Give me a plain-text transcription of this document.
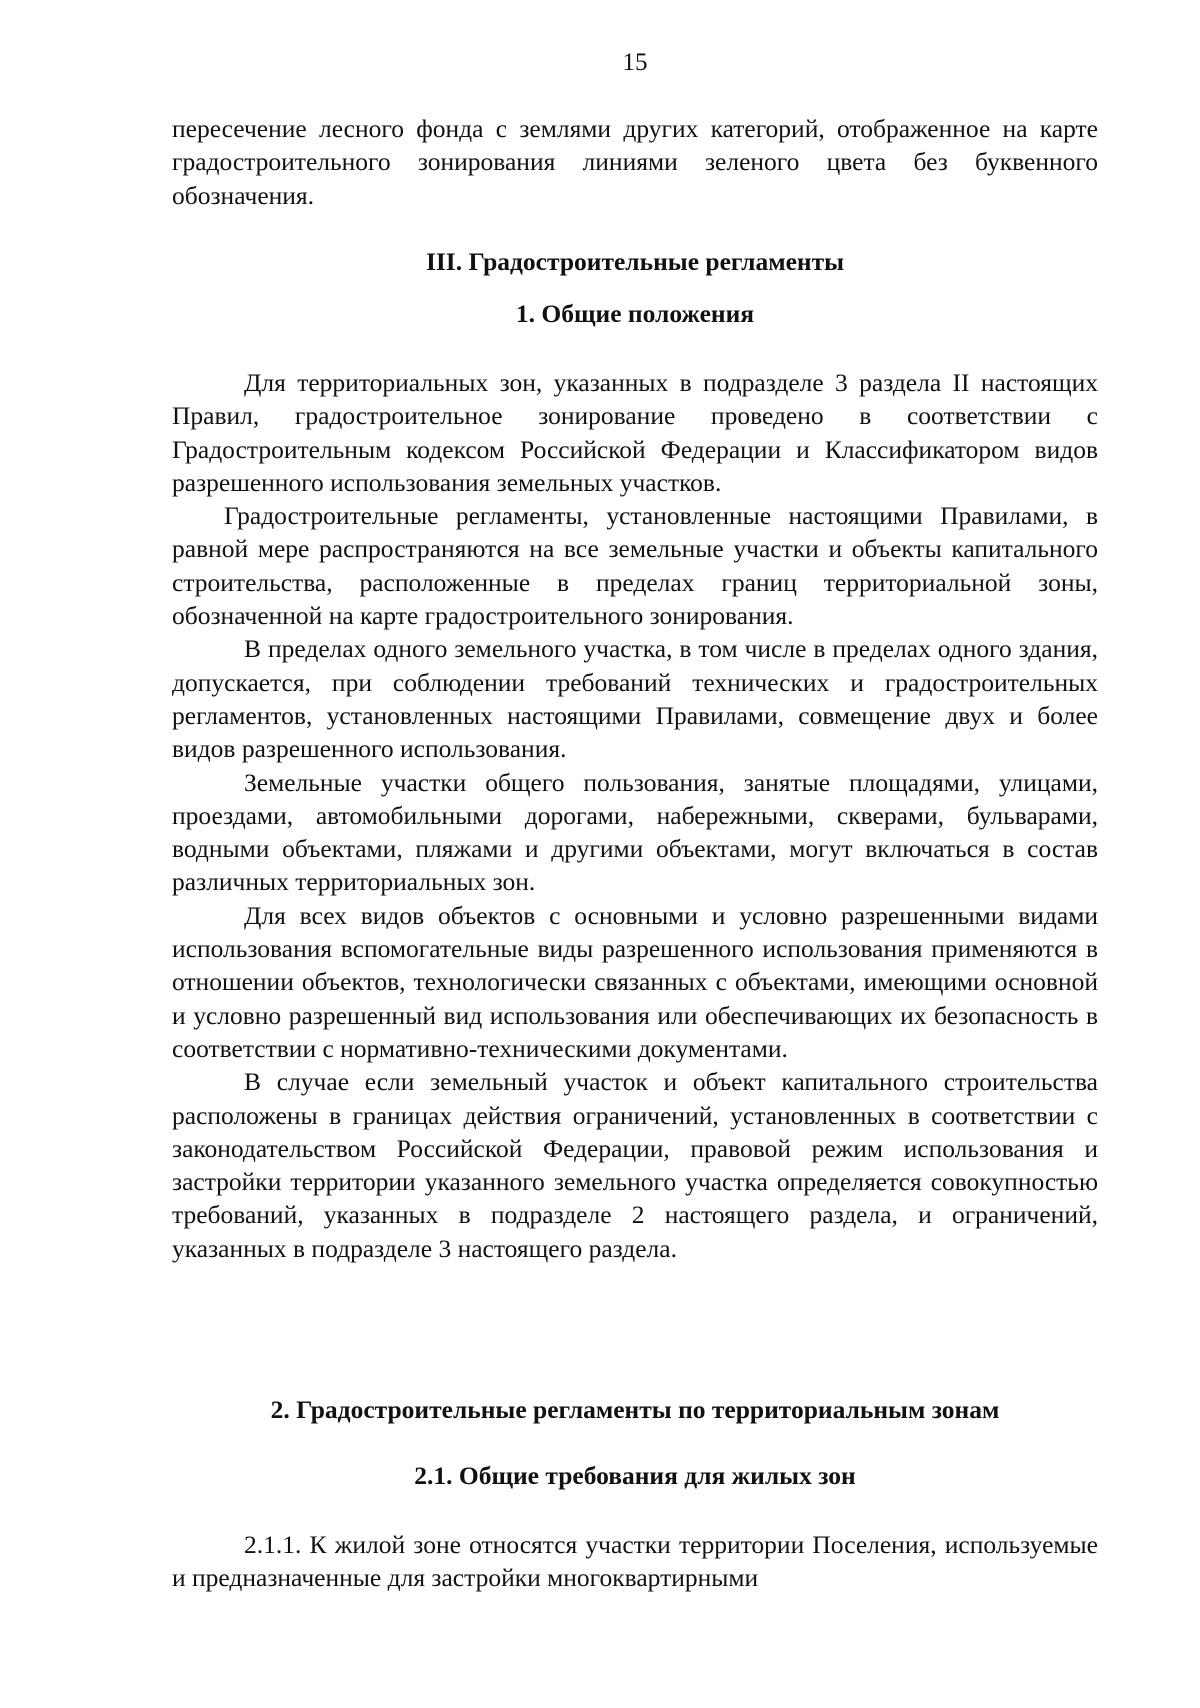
15

пересечение лесного фонда с землями других категорий, отображенное на карте градостроительного зонирования линиями зеленого цвета без буквенного обозначения.

III. Градостроительные регламенты
1. Общие положения

Для территориальных зон, указанных в подразделе 3 раздела II настоящих Правил, градостроительное зонирование проведено в соответствии с Градостроительным кодексом Российской Федерации и Классификатором видов разрешенного использования земельных участков.

Градостроительные регламенты, установленные настоящими Правилами, в равной мере распространяются на все земельные участки и объекты капитального строительства, расположенные в пределах границ территориальной зоны, обозначенной на карте градостроительного зонирования.

В пределах одного земельного участка, в том числе в пределах одного здания, допускается, при соблюдении требований технических и градостроительных регламентов, установленных настоящими Правилами, совмещение двух и более видов разрешенного использования.

Земельные участки общего пользования, занятые площадями, улицами, проездами, автомобильными дорогами, набережными, скверами, бульварами, водными объектами, пляжами и другими объектами, могут включаться в состав различных территориальных зон.

Для всех видов объектов с основными и условно разрешенными видами использования вспомогательные виды разрешенного использования применяются в отношении объектов, технологически связанных с объектами, имеющими основной и условно разрешенный вид использования или обеспечивающих их безопасность в соответствии с нормативно-техническими документами.

В случае если земельный участок и объект капитального строительства расположены в границах действия ограничений, установленных в соответствии с законодательством Российской Федерации, правовой режим использования и застройки территории указанного земельного участка определяется совокупностью требований, указанных в подразделе 2 настоящего раздела, и ограничений, указанных в подразделе 3 настоящего раздела.

2. Градостроительные регламенты по территориальным зонам
2.1. Общие требования для жилых зон

2.1.1. К жилой зоне относятся участки территории Поселения, используемые и предназначенные для застройки многоквартирными
